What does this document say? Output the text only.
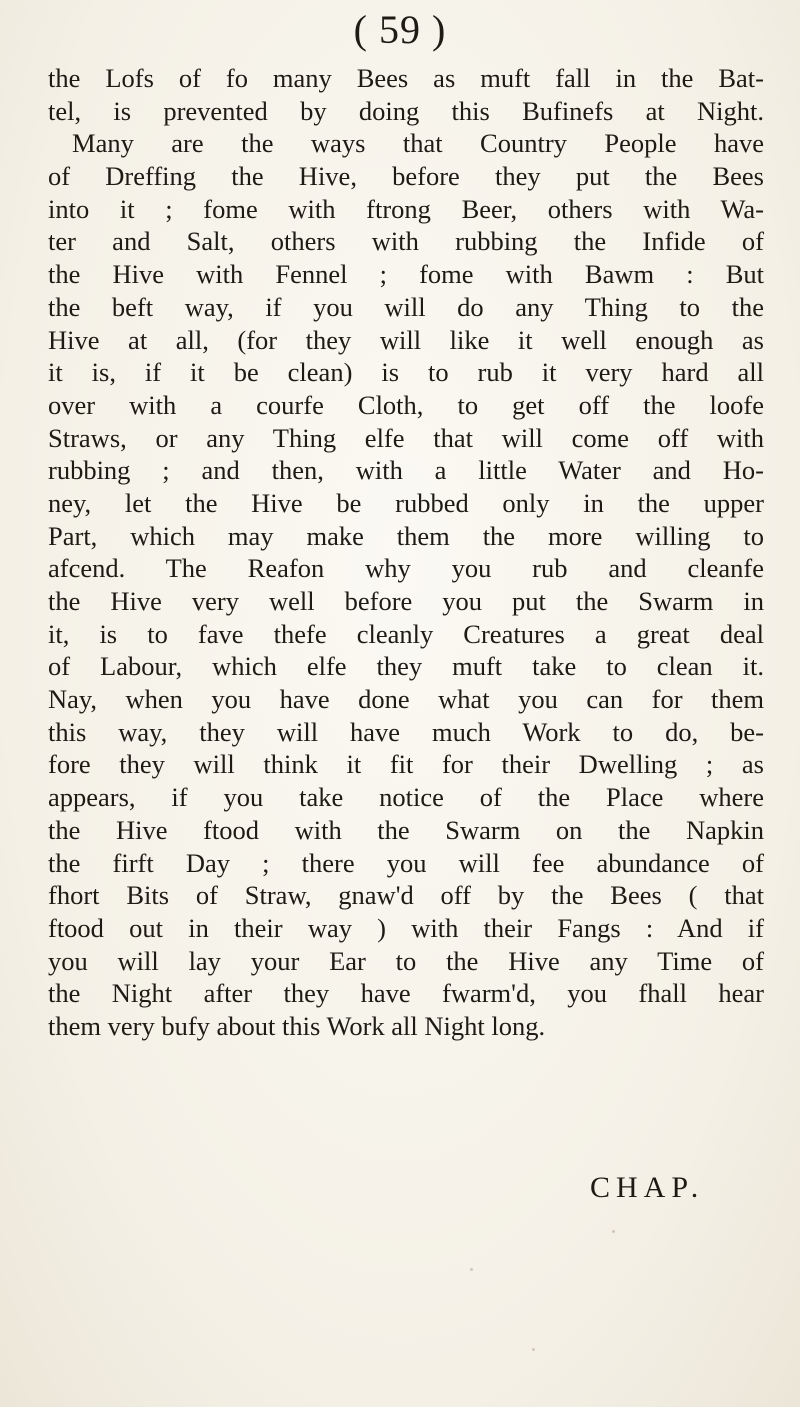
( 59 )
the Lofs of fo many Bees as muft fall in the Bat-
tel, is prevented by doing this Bufinefs at Night.
Many are the ways that Country People have
of Dreffing the Hive, before they put the Bees
into it ; fome with ftrong Beer, others with Wa-
ter and Salt, others with rubbing the Infide of
the Hive with Fennel ; fome with Bawm : But
the beft way, if you will do any Thing to the
Hive at all, (for they will like it well enough as
it is, if it be clean) is to rub it very hard all
over with a courfe Cloth, to get off the loofe
Straws, or any Thing elfe that will come off with
rubbing ; and then, with a little Water and Ho-
ney, let the Hive be rubbed only in the upper
Part, which may make them the more willing to
afcend. The Reafon why you rub and cleanfe
the Hive very well before you put the Swarm in
it, is to fave thefe cleanly Creatures a great deal
of Labour, which elfe they muft take to clean it.
Nay, when you have done what you can for them
this way, they will have much Work to do, be-
fore they will think it fit for their Dwelling ; as
appears, if you take notice of the Place where
the Hive ftood with the Swarm on the Napkin
the firft Day ; there you will fee abundance of
fhort Bits of Straw, gnaw'd off by the Bees ( that
ftood out in their way ) with their Fangs : And if
you will lay your Ear to the Hive any Time of
the Night after they have fwarm'd, you fhall hear
them very bufy about this Work all Night long.
CHAP.
